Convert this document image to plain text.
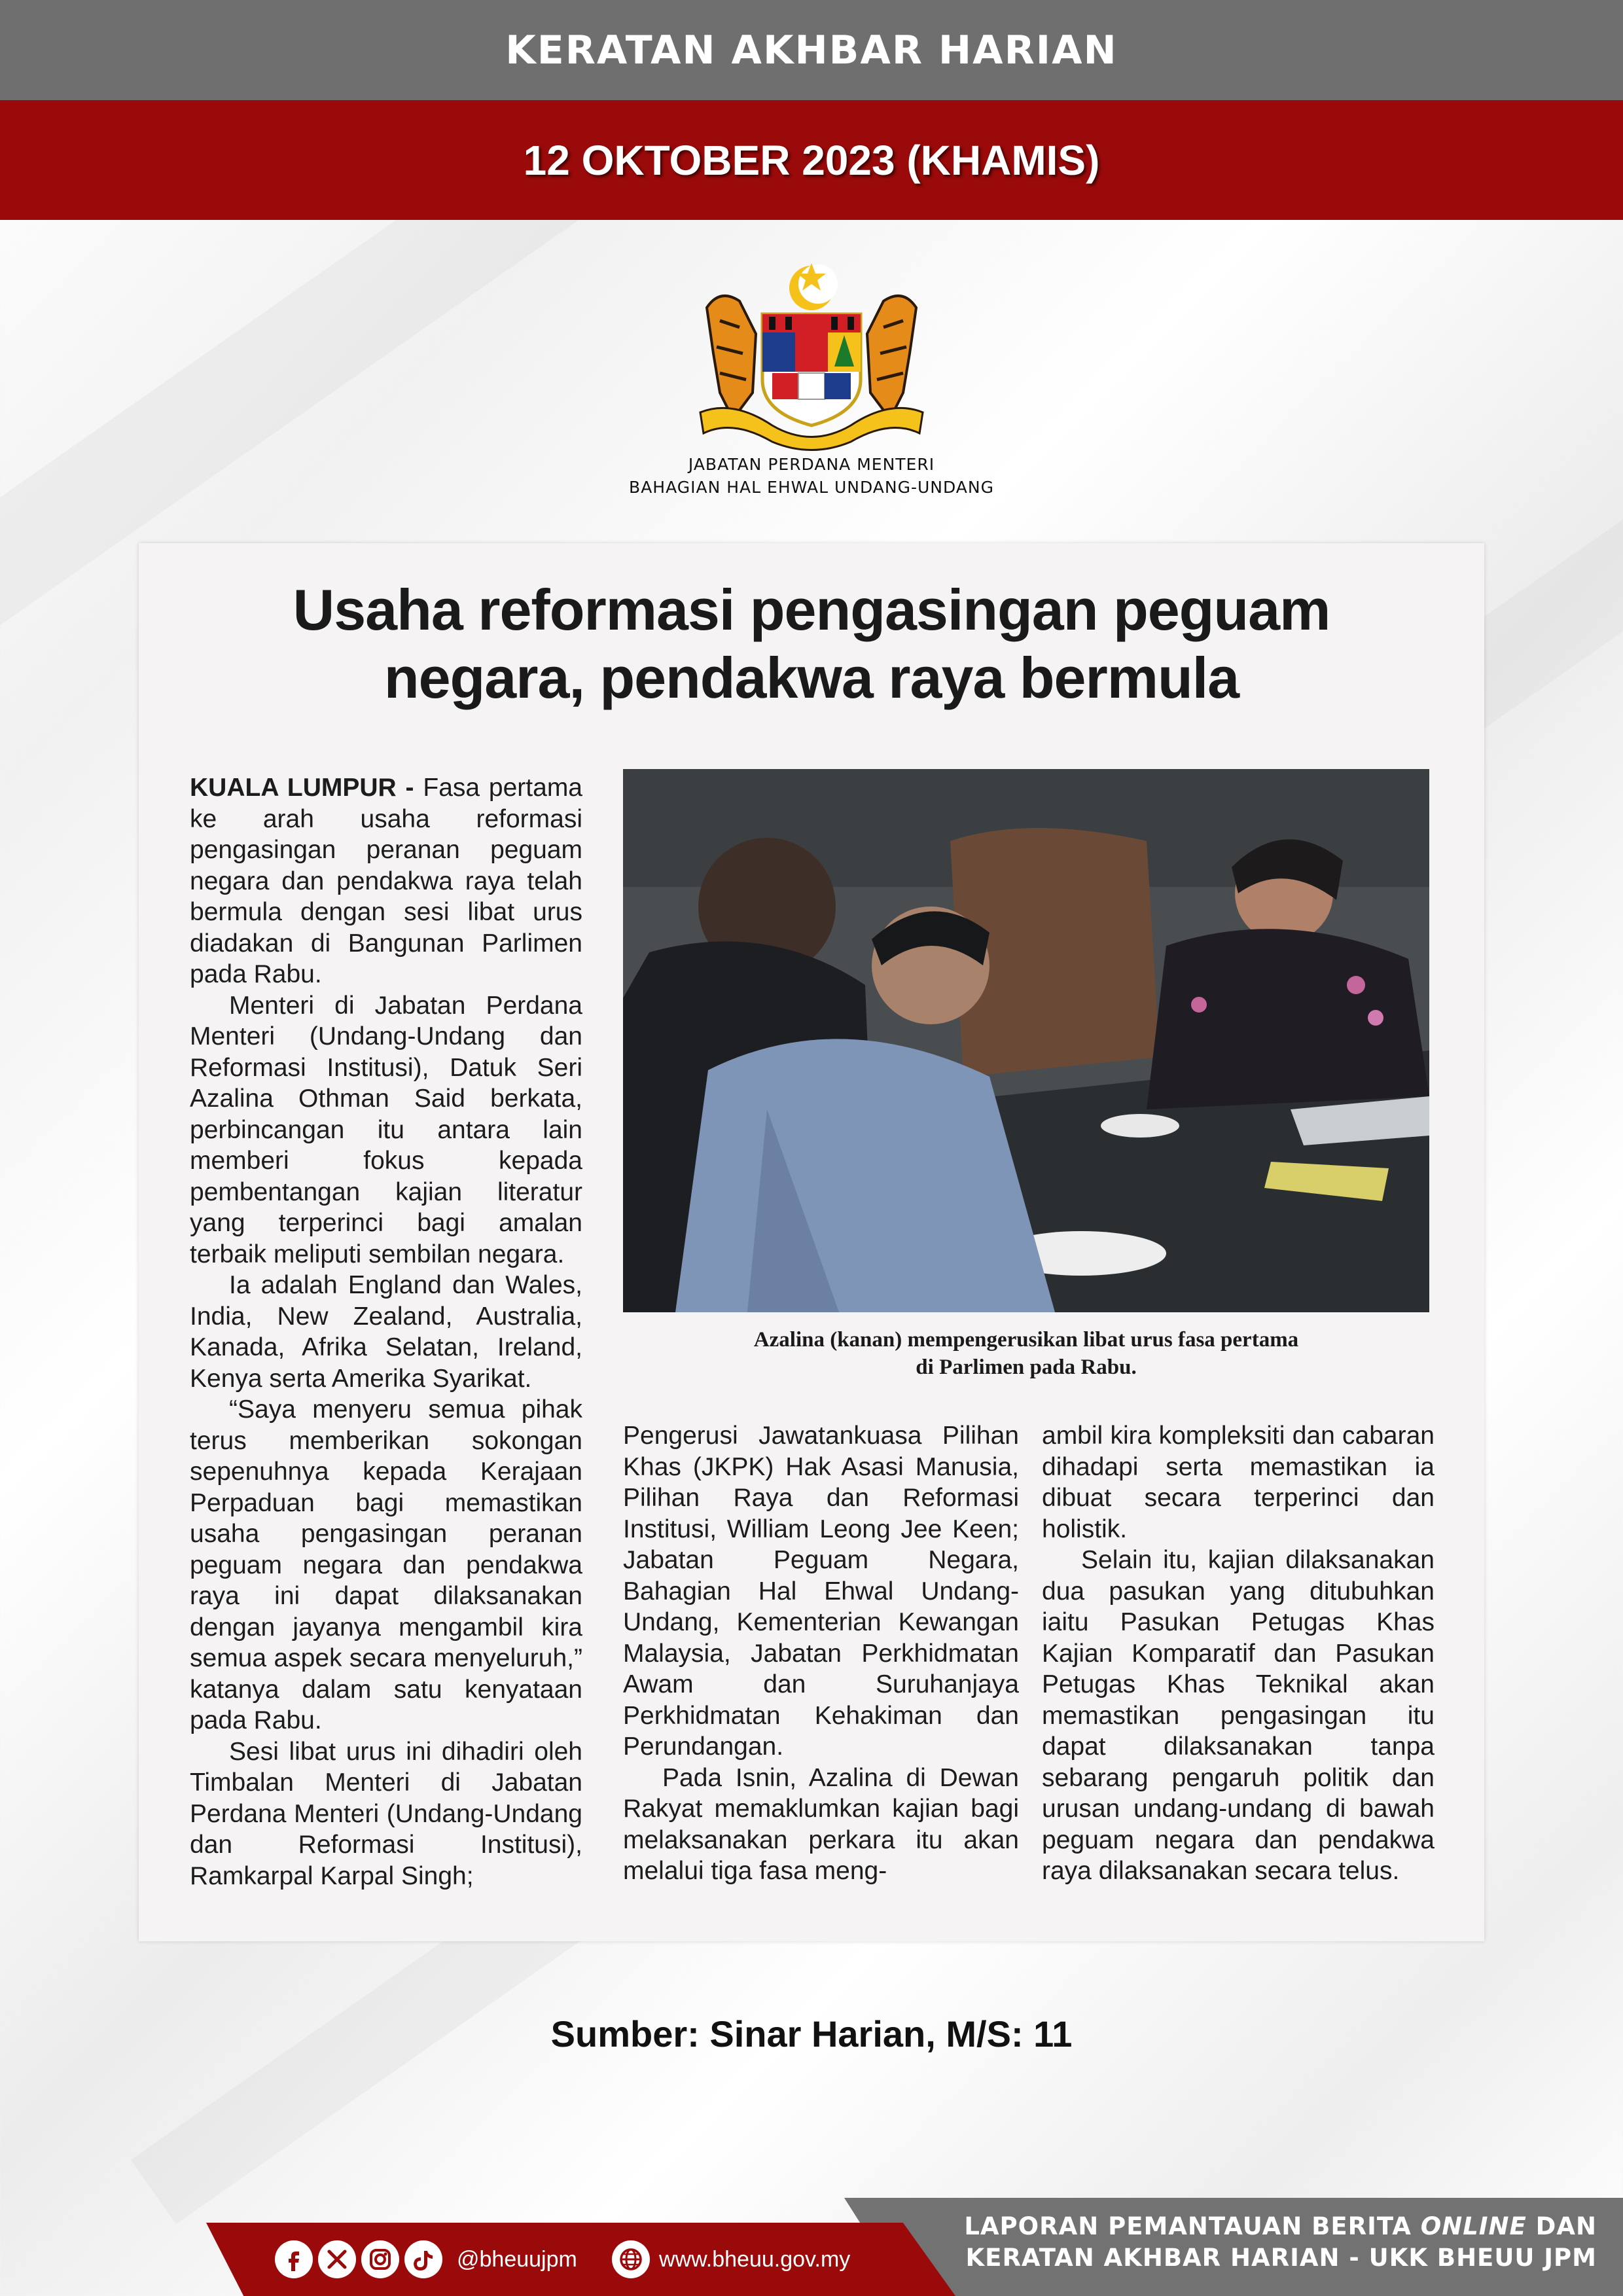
KERATAN AKHBAR HARIAN
12 OKTOBER 2023 (KHAMIS)
JABATAN PERDANA MENTERI
BAHAGIAN HAL EHWAL UNDANG-UNDANG
Usaha reformasi pengasingan peguam
negara, pendakwa raya bermula

KUALA LUMPUR - Fasa pertama ke arah usaha reformasi pengasingan peranan peguam negara dan pendakwa raya telah bermula dengan sesi libat urus diadakan di Bangunan Parlimen pada Rabu.

Menteri di Jabatan Perdana Menteri (Undang-Undang dan Reformasi Institusi), Datuk Seri Azalina Othman Said berkata, perbincangan itu antara lain memberi fokus kepada pembentangan kajian literatur yang terperinci bagi amalan terbaik meliputi sembilan negara.

Ia adalah England dan Wales, India, New Zealand, Australia, Kanada, Afrika Selatan, Ireland, Kenya serta Amerika Syarikat.

“Saya menyeru semua pihak terus memberikan sokongan sepenuhnya kepada Kerajaan Perpaduan bagi memastikan usaha pengasingan peranan peguam negara dan pendakwa raya ini dapat dilaksanakan dengan jayanya mengambil kira semua aspek secara menyeluruh,” katanya dalam satu kenyataan pada Rabu.

Sesi libat urus ini dihadiri oleh Timbalan Menteri di Jabatan Perdana Menteri (Undang-Undang dan Reformasi Institusi), Ramkarpal Karpal Singh;

Azalina (kanan) mempengerusikan libat urus fasa pertama
di Parlimen pada Rabu.

Pengerusi Jawatankuasa Pilihan Khas (JKPK) Hak Asasi Manusia, Pilihan Raya dan Reformasi Institusi, William Leong Jee Keen; Jabatan Peguam Negara, Bahagian Hal Ehwal Undang-Undang, Kementerian Kewangan Malaysia, Jabatan Perkhidmatan Awam dan Suruhanjaya Perkhidmatan Kehakiman dan Perundangan.

Pada Isnin, Azalina di Dewan Rakyat memaklumkan kajian bagi melaksanakan perkara itu akan melalui tiga fasa meng-

ambil kira kompleksiti dan cabaran dihadapi serta memastikan ia dibuat secara terperinci dan holistik.

Selain itu, kajian dilaksanakan dua pasukan yang ditubuhkan iaitu Pasukan Petugas Khas Kajian Komparatif dan Pasukan Petugas Khas Teknikal akan memastikan pengasingan itu dapat dilaksanakan tanpa sebarang pengaruh politik dan urusan undang-undang di bawah peguam negara dan pendakwa raya dilaksanakan secara telus.

Sumber: Sinar Harian, M/S: 11
@bheuujpm	www.bheuu.gov.my
LAPORAN PEMANTAUAN BERITA ONLINE DAN
KERATAN AKHBAR HARIAN - UKK BHEUU JPM
